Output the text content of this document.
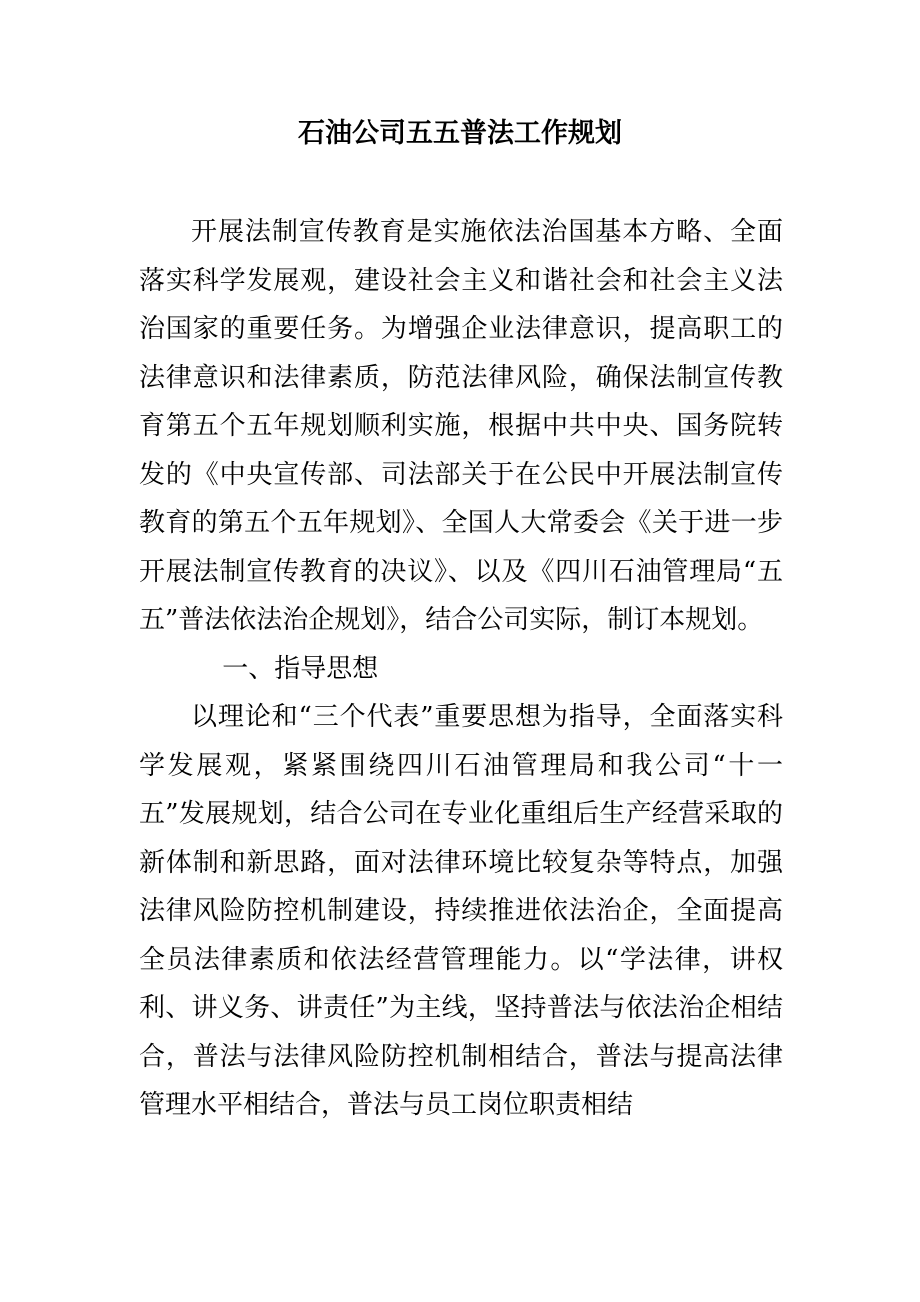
石油公司五五普法工作规划

开展法制宣传教育是实施依法治国基本方略、全面落实科学发展观，建设社会主义和谐社会和社会主义法治国家的重要任务。为增强企业法律意识，提高职工的法律意识和法律素质，防范法律风险，确保法制宣传教育第五个五年规划顺利实施，根据中共中央、国务院转发的《中央宣传部、司法部关于在公民中开展法制宣传教育的第五个五年规划》、全国人大常委会《关于进一步开展法制宣传教育的决议》、以及《四川石油管理局“五五”普法依法治企规划》，结合公司实际，制订本规划。

一、指导思想

以理论和“三个代表”重要思想为指导，全面落实科学发展观，紧紧围绕四川石油管理局和我公司“十一五”发展规划，结合公司在专业化重组后生产经营采取的新体制和新思路，面对法律环境比较复杂等特点，加强法律风险防控机制建设，持续推进依法治企，全面提高全员法律素质和依法经营管理能力。以“学法律，讲权利、讲义务、讲责任”为主线，坚持普法与依法治企相结合，普法与法律风险防控机制相结合，普法与提高法律管理水平相结合，普法与员工岗位职责相结
